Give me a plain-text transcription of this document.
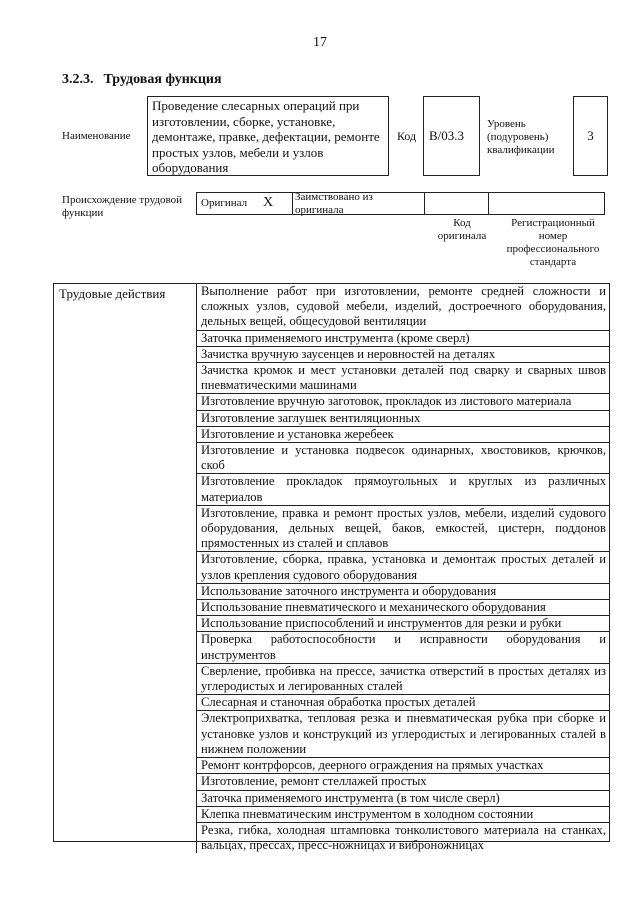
17
3.2.3. Трудовая функция
Наименование
Проведение слесарных операций при изготовлении, сборке, установке, демонтаже, правке, дефектации, ремонте простых узлов, мебели и узлов оборудования
Код B/03.3
Уровень (подуровень) квалификации
3
Происхождение трудовой функции
Оригинал X Заимствовано из оригинала
Код оригинала
Регистрационный номер профессионального стандарта
Трудовые действия	Выполнение работ при изготовлении, ремонте средней сложности и сложных узлов, судовой мебели, изделий, достроечного оборудования, дельных вещей, общесудовой вентиляции
Заточка применяемого инструмента (кроме сверл)
Зачистка вручную заусенцев и неровностей на деталях
Зачистка кромок и мест установки деталей под сварку и сварных швов пневматическими машинами
Изготовление вручную заготовок, прокладок из листового материала
Изготовление заглушек вентиляционных
Изготовление и установка жеребеек
Изготовление и установка подвесок одинарных, хвостовиков, крючков, скоб
Изготовление прокладок прямоугольных и круглых из различных материалов
Изготовление, правка и ремонт простых узлов, мебели, изделий судового оборудования, дельных вещей, баков, емкостей, цистерн, поддонов прямостенных из сталей и сплавов
Изготовление, сборка, правка, установка и демонтаж простых деталей и узлов крепления судового оборудования
Использование заточного инструмента и оборудования
Использование пневматического и механического оборудования
Использование приспособлений и инструментов для резки и рубки
Проверка работоспособности и исправности оборудования и инструментов
Сверление, пробивка на прессе, зачистка отверстий в простых деталях из углеродистых и легированных сталей
Слесарная и станочная обработка простых деталей
Электроприхватка, тепловая резка и пневматическая рубка при сборке и установке узлов и конструкций из углеродистых и легированных сталей в нижнем положении
Ремонт контрфорсов, деерного ограждения на прямых участках
Изготовление, ремонт стеллажей простых
Заточка применяемого инструмента (в том числе сверл)
Клепка пневматическим инструментом в холодном состоянии
Резка, гибка, холодная штамповка тонколистового материала на станках, вальцах, прессах, пресс-ножницах и виброножницах
